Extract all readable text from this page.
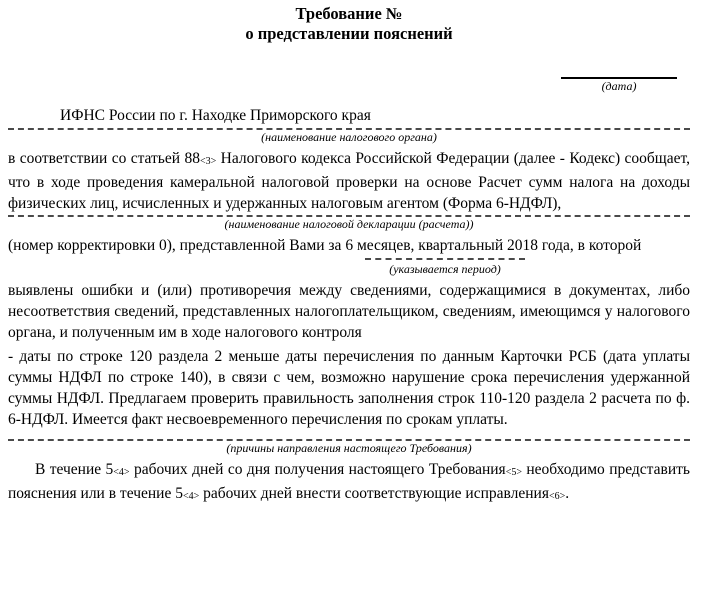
Требование №
о представлении пояснений
(дата)
ИФНС России по г. Находке Приморского края
(наименование налогового органа)

в соответствии со статьей 88<3> Налогового кодекса Российской Федерации (далее - Кодекс) сообщает, что в ходе проведения камеральной налоговой проверки на основе Расчет сумм налога на доходы физических лиц, исчисленных и удержанных налоговым агентом (Форма 6-НДФЛ),

(наименование налоговой декларации (расчета))

(номер корректировки 0), представленной Вами за 6 месяцев, квартальный 2018 года, в которой

(указывается период)

выявлены ошибки и (или) противоречия между сведениями, содержащимися в документах, либо несоответствия сведений, представленных налогоплательщиком, сведениям, имеющимся у налогового органа, и полученным им в ходе налогового контроля

- даты по строке 120 раздела 2 меньше даты перечисления по данным Карточки РСБ (дата уплаты суммы НДФЛ по строке 140), в связи с чем, возможно нарушение срока перечисления удержанной суммы НДФЛ. Предлагаем проверить правильность заполнения строк 110-120 раздела 2 расчета по ф. 6-НДФЛ. Имеется факт несвоевременного перечисления по срокам уплаты.

(причины направления настоящего Требования)

В течение 5<4> рабочих дней со дня получения настоящего Требования<5> необходимо представить пояснения или в течение 5<4> рабочих дней внести соответствующие исправления<6>.
